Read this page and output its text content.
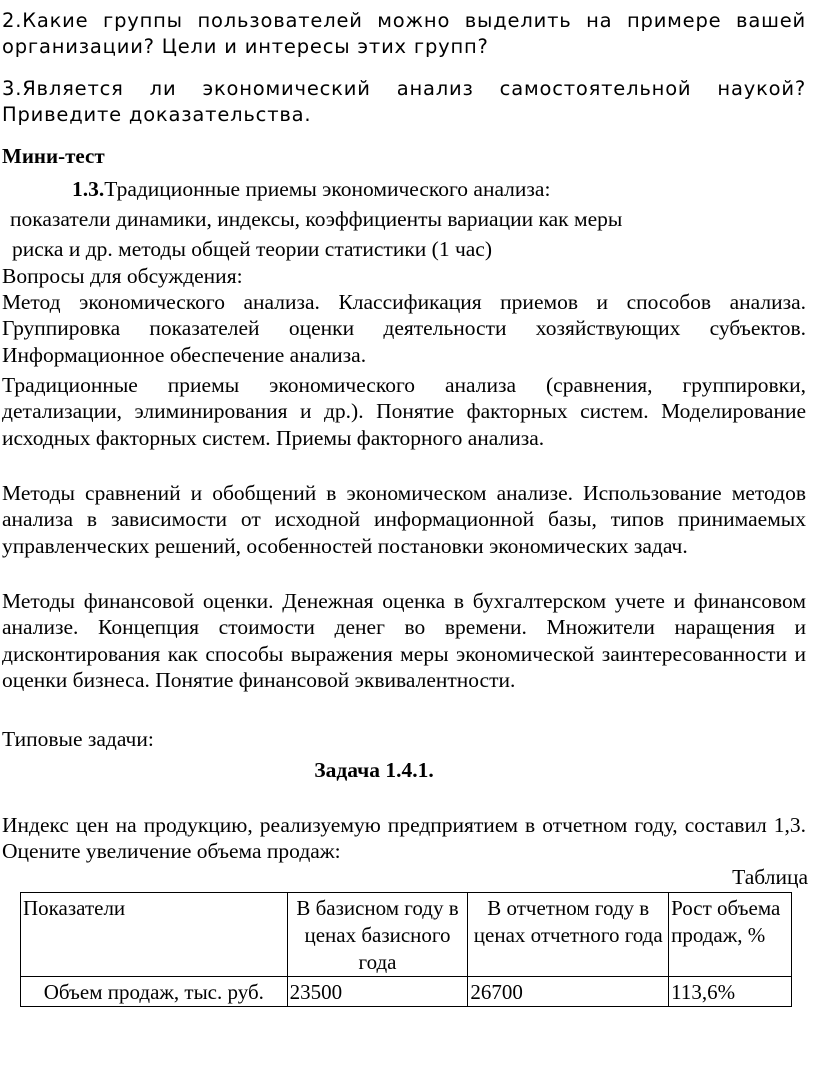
2.Какие группы пользователей можно выделить на примере вашей организации? Цели и интересы этих групп?
3.Является ли экономический анализ самостоятельной наукой? Приведите доказательства.
Мини-тест
1.3.Традиционные приемы экономического анализа:
показатели динамики, индексы, коэффициенты вариации как меры
риска и др. методы общей теории статистики (1 час)
Вопросы для обсуждения:
Метод экономического анализа. Классификация приемов и способов анализа. Группировка показателей оценки деятельности хозяйствующих субъектов. Информационное обеспечение анализа.
Традиционные приемы экономического анализа (сравнения, группировки, детализации, элиминирования и др.). Понятие факторных систем. Моделирование исходных факторных систем. Приемы факторного анализа.
Методы сравнений и обобщений в экономическом анализе. Использование методов анализа в зависимости от исходной информационной базы, типов принимаемых управленческих решений, особенностей постановки экономических задач.
Методы финансовой оценки. Денежная оценка в бухгалтерском учете и финансовом анализе. Концепция стоимости денег во времени. Множители наращения и дисконтирования как способы выражения меры экономической заинтересованности и оценки бизнеса. Понятие финансовой эквивалентности.
Типовые задачи:
Задача 1.4.1.
Индекс цен на продукцию, реализуемую предприятием в отчетном году, составил 1,3. Оцените увеличение объема продаж:
Таблица
Показатели	В базисном году в ценах базисного года	В отчетном году в ценах отчетного года	Рост объема продаж, %
Объем продаж, тыс. руб.	23500	26700	113,6%
